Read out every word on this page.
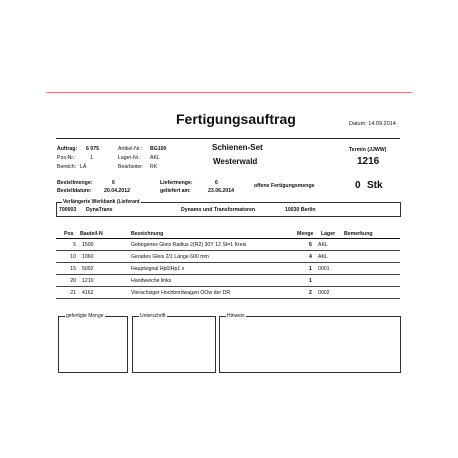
Fertigungsauftrag	Datum: 14.09.2014
Auftrag: 6 075
Pos-Nr.:	1
Bereich: LÄ
Artikel-Nr.: BG100
Lager-Nr.: AKL
Bearbeiter: RK
Schienen-Set
Westerwald
Termin (JJWW)
1216
Bestellmenge:	6
Bestelldatum: 20.04.2012
Liefermenge:	6
geliefert am:	23.06.2014
offene Fertigungsmenge	0 Stk
Verlängerte Werkbank (Lieferant
700003 DynaTrans	Dynamo und Transformatoren	10030 Berlin
Pos Bauteil-N	Bezeichnung	Menge Lager Bemerkung
5 1500	Gebogenes Gleis Radius 2(R2) 30Y 12 St=1 Kreis	6 AKL
10 1060	Gerades Gleis 2/1 Länge 600 mm	4 AKL
15 5092	Hauptsignal Hp0/Hp1 x	1 0001
20 1210	Handweiche links	1
21 4162	Vierachsiger Hochbordwagen OOw der DR	2 0002
gefertigte Menge	Unterschrift	Hinweis
